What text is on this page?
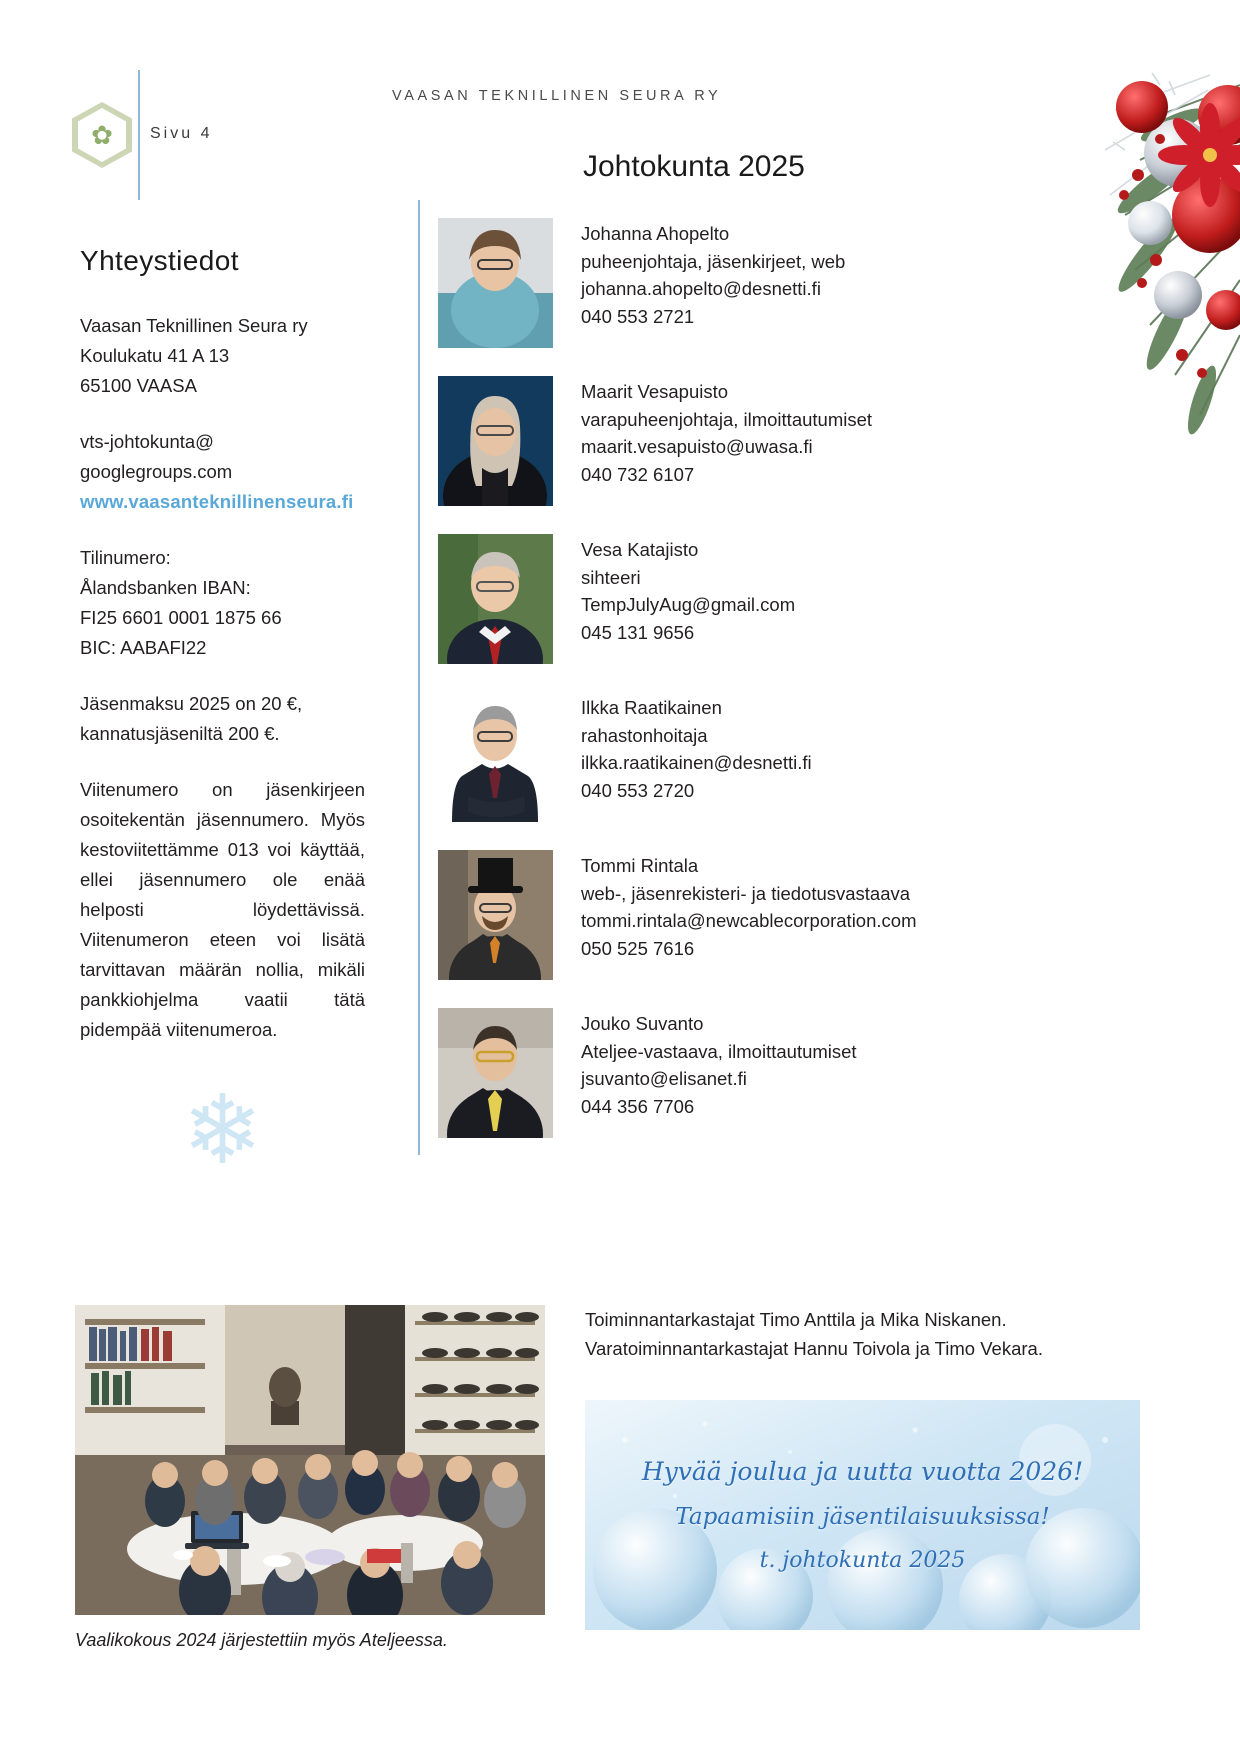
✿	Sivu 4
VAASAN TEKNILLINEN SEURA RY
Yhteystiedot
Vaasan Teknillinen Seura ry
Koulukatu 41 A 13
65100 VAASA
vts-johtokunta@
googlegroups.com
www.vaasanteknillinenseura.fi
Tilinumero:
Ålandsbanken IBAN:
FI25 6601 0001 1875 66
BIC: AABAFI22
Jäsenmaksu 2025 on 20 €,
kannatusjäseniltä 200 €.
Viitenumero on jäsenkirjeen osoitekentän jäsennumero. Myös kestoviitettämme 013 voi käyttää, ellei jäsennumero ole enää helposti löydettävissä. Viitenumeron eteen voi lisätä tarvittavan määrän nollia, mikäli pankkiohjelma vaatii tätä pidempää viitenumeroa.
❄
Johtokunta 2025
Johanna Ahopelto
puheenjohtaja, jäsenkirjeet, web
johanna.ahopelto@desnetti.fi
040 553 2721
Maarit Vesapuisto
varapuheenjohtaja, ilmoittautumiset
maarit.vesapuisto@uwasa.fi
040 732 6107
Vesa Katajisto
sihteeri
TempJulyAug@gmail.com
045 131 9656
Ilkka Raatikainen
rahastonhoitaja
ilkka.raatikainen@desnetti.fi
040 553 2720
Tommi Rintala
web-, jäsenrekisteri- ja tiedotusvastaava
tommi.rintala@newcablecorporation.com
050 525 7616
Jouko Suvanto
Ateljee-vastaava, ilmoittautumiset
jsuvanto@elisanet.fi
044 356 7706
Toiminnantarkastajat Timo Anttila ja Mika Niskanen.
Varatoiminnantarkastajat Hannu Toivola ja Timo Vekara.
Vaalikokous 2024 järjestettiin myös Ateljeessa.
Hyvää joulua ja uutta vuotta 2026!
Tapaamisiin jäsentilaisuuksissa!
t. johtokunta 2025
